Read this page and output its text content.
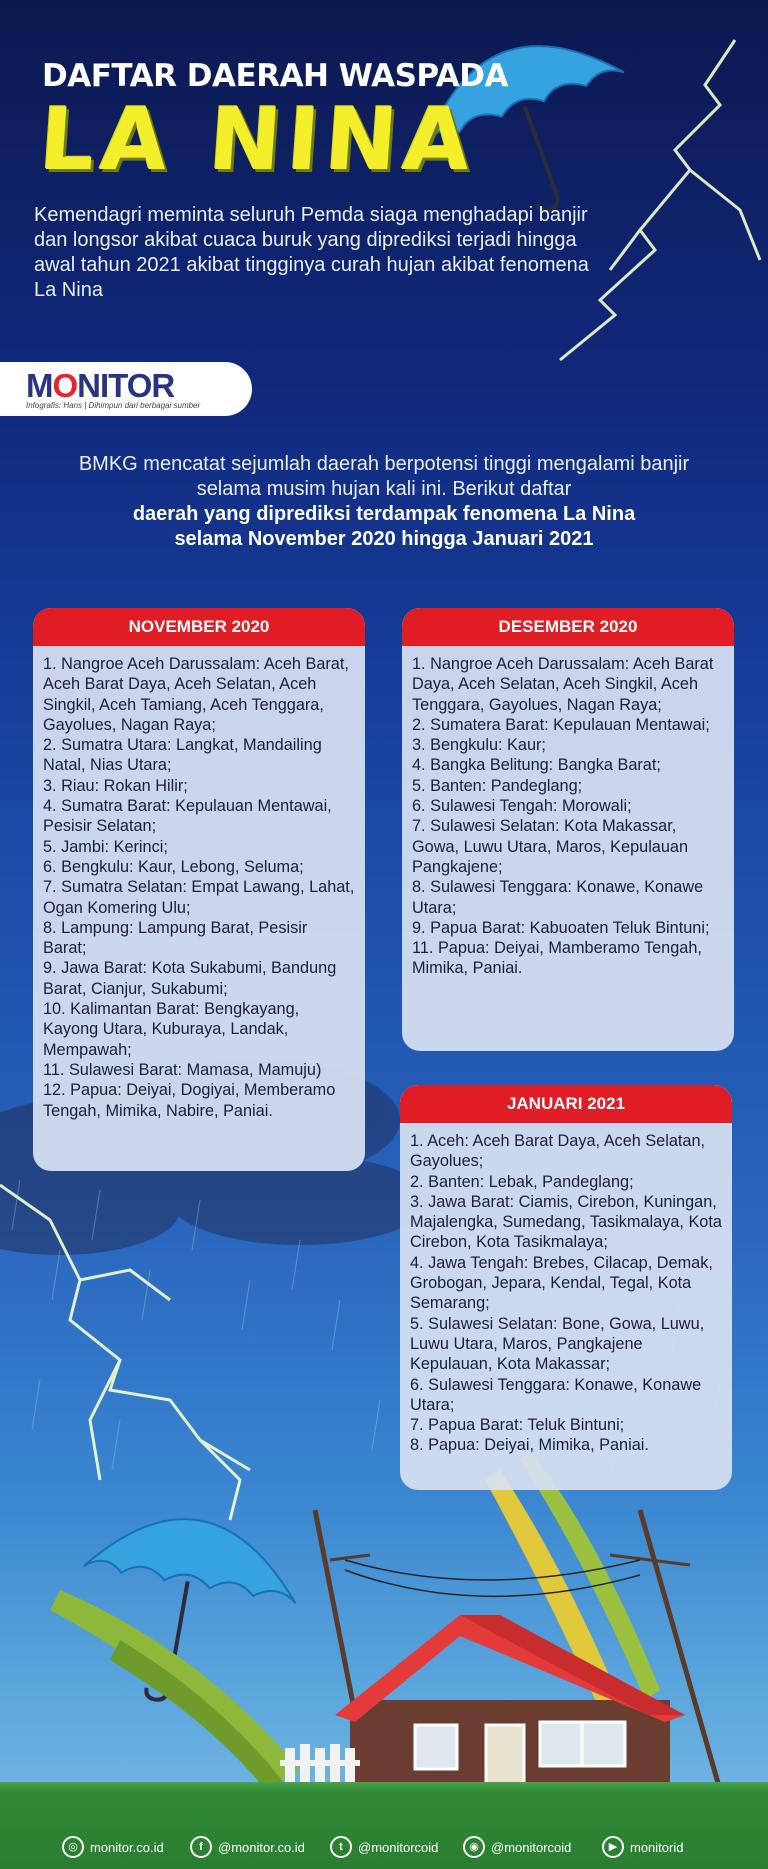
DAFTAR DAERAH WASPADA
LA NINA
Kemendagri meminta seluruh Pemda siaga menghadapi banjir dan longsor akibat cuaca buruk yang diprediksi terjadi hingga awal tahun 2021 akibat tingginya curah hujan akibat fenomena La Nina
MONITOR
Infografis: Hans | Dihimpun dari berbagai sumber
BMKG mencatat sejumlah daerah berpotensi tinggi mengalami banjir selama musim hujan kali ini. Berikut daftar
daerah yang diprediksi terdampak fenomena La Nina
selama November 2020 hingga Januari 2021
NOVEMBER 2020
1. Nangroe Aceh Darussalam: Aceh Barat, Aceh Barat Daya, Aceh Selatan, Aceh Singkil, Aceh Tamiang, Aceh Tenggara, Gayolues, Nagan Raya;
2. Sumatra Utara: Langkat, Mandailing Natal, Nias Utara;
3. Riau: Rokan Hilir;
4. Sumatra Barat: Kepulauan Mentawai, Pesisir Selatan;
5. Jambi: Kerinci;
6. Bengkulu: Kaur, Lebong, Seluma;
7. Sumatra Selatan: Empat Lawang, Lahat, Ogan Komering Ulu;
8. Lampung: Lampung Barat, Pesisir Barat;
9. Jawa Barat: Kota Sukabumi, Bandung Barat, Cianjur, Sukabumi;
10. Kalimantan Barat: Bengkayang, Kayong Utara, Kuburaya, Landak, Mempawah;
11. Sulawesi Barat: Mamasa, Mamuju)
12. Papua: Deiyai, Dogiyai, Memberamo Tengah, Mimika, Nabire, Paniai.
DESEMBER 2020
1. Nangroe Aceh Darussalam: Aceh Barat Daya, Aceh Selatan, Aceh Singkil, Aceh Tenggara, Gayolues, Nagan Raya;
2. Sumatera Barat: Kepulauan Mentawai;
3. Bengkulu: Kaur;
4. Bangka Belitung: Bangka Barat;
5. Banten: Pandeglang;
6. Sulawesi Tengah: Morowali;
7. Sulawesi Selatan: Kota Makassar, Gowa, Luwu Utara, Maros, Kepulauan Pangkajene;
8. Sulawesi Tenggara: Konawe, Konawe Utara;
9. Papua Barat: Kabuoaten Teluk Bintuni;
11. Papua: Deiyai, Mamberamo Tengah, Mimika, Paniai.
JANUARI 2021
1. Aceh: Aceh Barat Daya, Aceh Selatan, Gayolues;
2. Banten: Lebak, Pandeglang;
3. Jawa Barat: Ciamis, Cirebon, Kuningan, Majalengka, Sumedang, Tasikmalaya, Kota Cirebon, Kota Tasikmalaya;
4. Jawa Tengah: Brebes, Cilacap, Demak, Grobogan, Jepara, Kendal, Tegal, Kota Semarang;
5. Sulawesi Selatan: Bone, Gowa, Luwu, Luwu Utara, Maros, Pangkajene Kepulauan, Kota Makassar;
6. Sulawesi Tenggara: Konawe, Konawe Utara;
7. Papua Barat: Teluk Bintuni;
8. Papua: Deiyai, Mimika, Paniai.
◎ monitor.co.id	f	@monitor.co.id	t	@monitorcoid	◉ @monitorcoid	▶ monitorid
